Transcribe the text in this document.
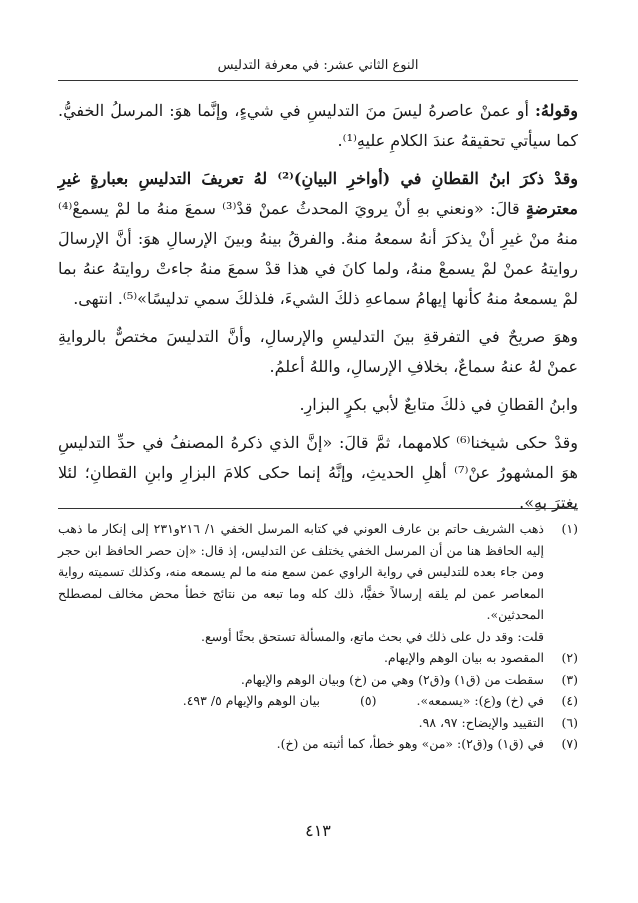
النوع الثاني عشر: في معرفة التدليس

وقولهُ: أو عمنْ عاصرهُ ليسَ منَ التدليسِ في شيءٍ، وإنَّما هوَ: المرسلُ الخفيُّ. كما سيأتي تحقيقهُ عندَ الكلامِ عليهِ⁽¹⁾.

وقدْ ذكرَ ابنُ القطانِ في (أواخرِ البيانِ)⁽²⁾ لهُ تعريفَ التدليسِ بعبارةٍ غيرِ معترضةٍ قالَ: «ونعني بهِ أنْ يرويَ المحدثُ عمنْ قدْ⁽³⁾ سمعَ منهُ ما لمْ يسمعْ⁽⁴⁾ منهُ منْ غيرِ أنْ يذكرَ أنهُ سمعهُ منهُ. والفرقُ بينهُ وبينَ الإرسالِ هوَ: أنَّ الإرسالَ روايتهُ عمنْ لمْ يسمعْ منهُ، ولما كانَ في هذا قدْ سمعَ منهُ جاءتْ روايتهُ عنهُ بما لمْ يسمعهُ منهُ كأنها إيهامُ سماعهِ ذلكَ الشيءَ، فلذلكَ سمي تدليسًا»⁽⁵⁾. انتهى.

وهوَ صريحٌ في التفرقةِ بينَ التدليسِ والإرسالِ، وأنَّ التدليسَ مختصٌّ بالروايةِ عمنْ لهُ عنهُ سماعٌ، بخلافِ الإرسالِ، واللهُ أعلمُ.

وابنُ القطانِ في ذلكَ متابعٌ لأبي بكرٍ البزارِ.

وقدْ حكى شيخنا⁽⁶⁾ كلامهما، ثمَّ قالَ: «إنَّ الذي ذكرهُ المصنفُ في حدِّ التدليسِ هوَ المشهورُ عنْ⁽⁷⁾ أهلِ الحديثِ، وإنَّهُ إنما حكى كلامَ البزارِ وابنِ القطانِ؛ لئلا يغترَ بهِ».

(١)
ذهب الشريف حاتم بن عارف العوني في كتابه المرسل الخفي ١/ ٢١٦و٢٣١ إلى إنكار ما ذهب إليه الحافظ هنا من أن المرسل الخفي يختلف عن التدليس، إذ قال: «إن حصر الحافظ ابن حجر ومن جاء بعده للتدليس في رواية الراوي عمن سمع منه ما لم يسمعه منه، وكذلك تسميته رواية المعاصر عمن لم يلقه إرسالاً خفيًّا، ذلك كله وما تبعه من نتائج خطأ محض مخالف لمصطلح المحدثين».
قلت: وقد دل على ذلك في بحث ماتع، والمسألة تستحق بحثًا أوسع.
(٢)
المقصود به بيان الوهم والإيهام.
(٣)
سقطت من (ق١) و(ق٢) وهي من (خ) وبيان الوهم والإيهام.
(٤)
في (خ) و(ع): «يسمعه».
(٥)
بيان الوهم والإيهام ٥/ ٤٩٣.
(٦)
التقييد والإيضاح: ٩٧، ٩٨.
(٧)
في (ق١) و(ق٢): «من» وهو خطأ، كما أثبته من (خ).
٤١٣
